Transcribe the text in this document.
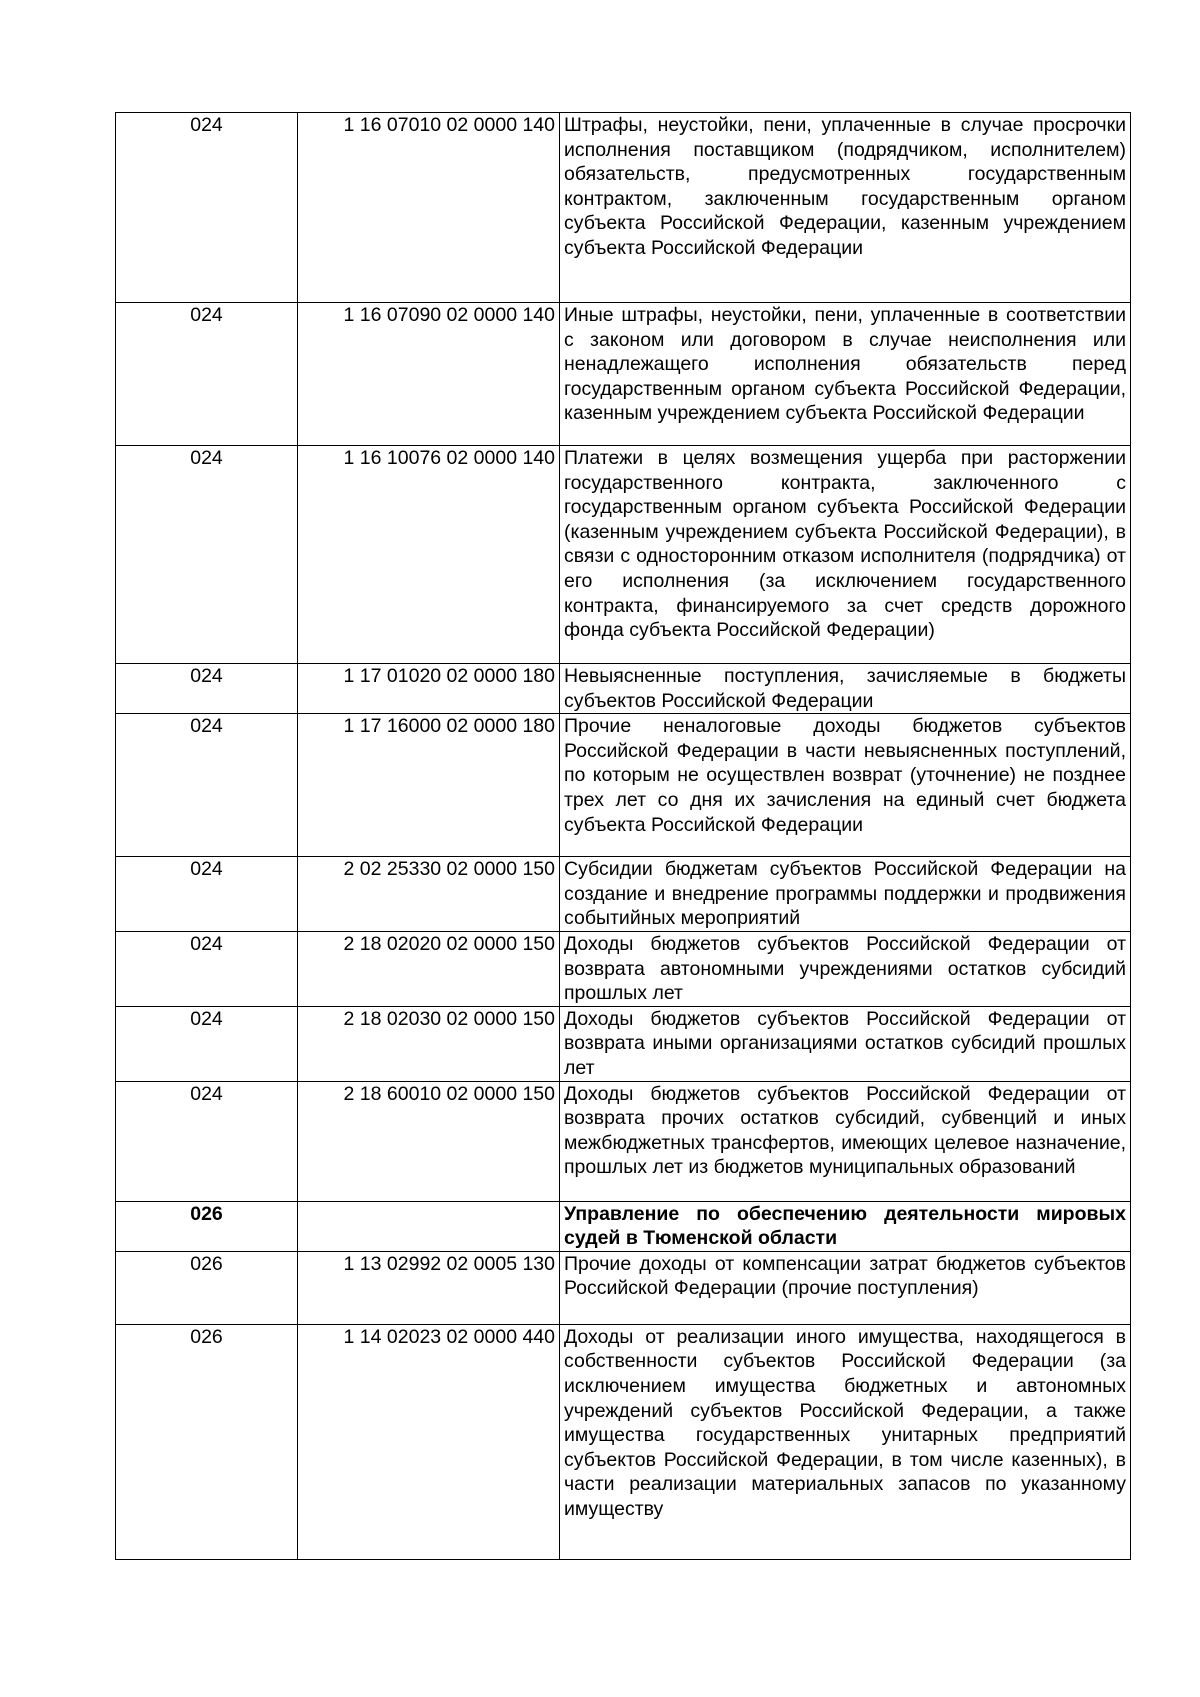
024	1 16 07010 02 0000 140	Штрафы, неустойки, пени, уплаченные в случае просрочки исполнения поставщиком (подрядчиком, исполнителем) обязательств, предусмотренных государственным контрактом, заключенным государственным органом субъекта Российской Федерации, казенным учреждением субъекта Российской Федерации
024	1 16 07090 02 0000 140	Иные штрафы, неустойки, пени, уплаченные в соответствии с законом или договором в случае неисполнения или ненадлежащего исполнения обязательств перед государственным органом субъекта Российской Федерации, казенным учреждением субъекта Российской Федерации
024	1 16 10076 02 0000 140	Платежи в целях возмещения ущерба при расторжении государственного контракта, заключенного с государственным органом субъекта Российской Федерации (казенным учреждением субъекта Российской Федерации), в связи с односторонним отказом исполнителя (подрядчика) от его исполнения (за исключением государственного контракта, финансируемого за счет средств дорожного фонда субъекта Российской Федерации)
024	1 17 01020 02 0000 180	Невыясненные поступления, зачисляемые в бюджеты субъектов Российской Федерации
024	1 17 16000 02 0000 180	Прочие неналоговые доходы бюджетов субъектов Российской Федерации в части невыясненных поступлений, по которым не осуществлен возврат (уточнение) не позднее трех лет со дня их зачисления на единый счет бюджета субъекта Российской Федерации
024	2 02 25330 02 0000 150	Субсидии бюджетам субъектов Российской Федерации на создание и внедрение программы поддержки и продвижения событийных мероприятий
024	2 18 02020 02 0000 150	Доходы бюджетов субъектов Российской Федерации от возврата автономными учреждениями остатков субсидий прошлых лет
024	2 18 02030 02 0000 150	Доходы бюджетов субъектов Российской Федерации от возврата иными организациями остатков субсидий прошлых лет
024	2 18 60010 02 0000 150	Доходы бюджетов субъектов Российской Федерации от возврата прочих остатков субсидий, субвенций и иных межбюджетных трансфертов, имеющих целевое назначение, прошлых лет из бюджетов муниципальных образований
026		Управление по обеспечению деятельности мировых судей в Тюменской области
026	1 13 02992 02 0005 130	Прочие доходы от компенсации затрат бюджетов субъектов Российской Федерации (прочие поступления)
026	1 14 02023 02 0000 440	Доходы от реализации иного имущества, находящегося в собственности субъектов Российской Федерации (за исключением имущества бюджетных и автономных учреждений субъектов Российской Федерации, а также имущества государственных унитарных предприятий субъектов Российской Федерации, в том числе казенных), в части реализации материальных запасов по указанному имуществу
